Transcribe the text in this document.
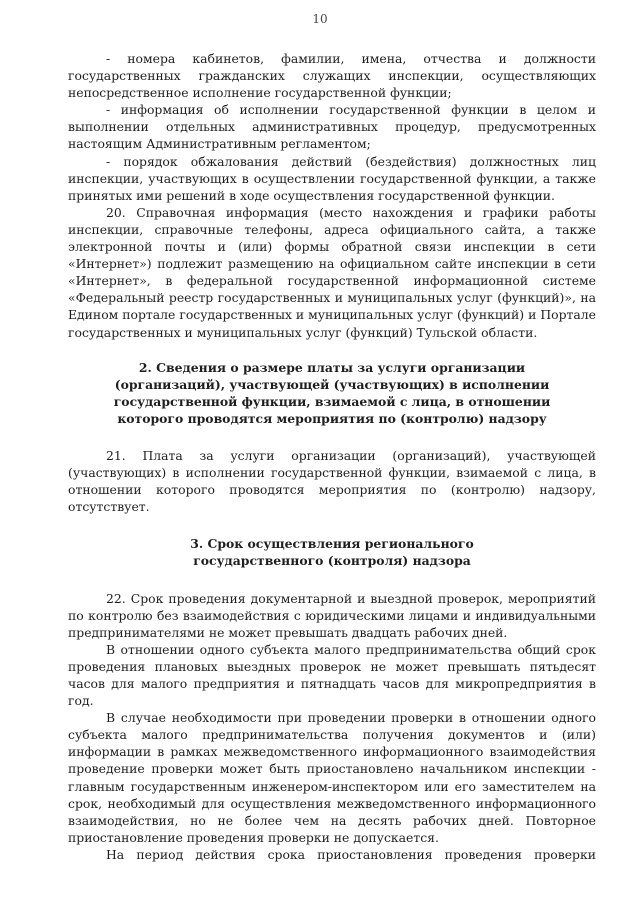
10

- номера кабинетов, фамилии, имена, отчества и должности государственных гражданских служащих инспекции, осуществляющих непосредственное исполнение государственной функции;

- информация об исполнении государственной функции в целом и выполнении отдельных административных процедур, предусмотренных настоящим Административным регламентом;

- порядок обжалования действий (бездействия) должностных лиц инспекции, участвующих в осуществлении государственной функции, а также принятых ими решений в ходе осуществления государственной функции.

20. Справочная информация (место нахождения и графики работы инспекции, справочные телефоны, адреса официального сайта, а также электронной почты и (или) формы обратной связи инспекции в сети «Интернет») подлежит размещению на официальном сайте инспекции в сети «Интернет», в федеральной государственной информационной системе «Федеральный реестр государственных и муниципальных услуг (функций)», на Едином портале государственных и муниципальных услуг (функций) и Портале государственных и муниципальных услуг (функций) Тульской области.

2. Сведения о размере платы за услуги организации
(организаций), участвующей (участвующих) в исполнении
государственной функции, взимаемой с лица, в отношении
которого проводятся мероприятия по (контролю) надзору

21. Плата за услуги организации (организаций), участвующей (участвующих) в исполнении государственной функции, взимаемой с лица, в отношении которого проводятся мероприятия по (контролю) надзору, отсутствует.

3. Срок осуществления регионального
государственного (контроля) надзора

22. Срок проведения документарной и выездной проверок, мероприятий по контролю без взаимодействия с юридическими лицами и индивидуальными предпринимателями не может превышать двадцать рабочих дней.

В отношении одного субъекта малого предпринимательства общий срок проведения плановых выездных проверок не может превышать пятьдесят часов для малого предприятия и пятнадцать часов для микропредприятия в год.

В случае необходимости при проведении проверки в отношении одного субъекта малого предпринимательства получения документов и (или) информации в рамках межведомственного информационного взаимодействия проведение проверки может быть приостановлено начальником инспекции - главным государственным инженером-инспектором или его заместителем на срок, необходимый для осуществления межведомственного информационного взаимодействия, но не более чем на десять рабочих дней. Повторное приостановление проведения проверки не допускается.

На период действия срока приостановления проведения проверки
